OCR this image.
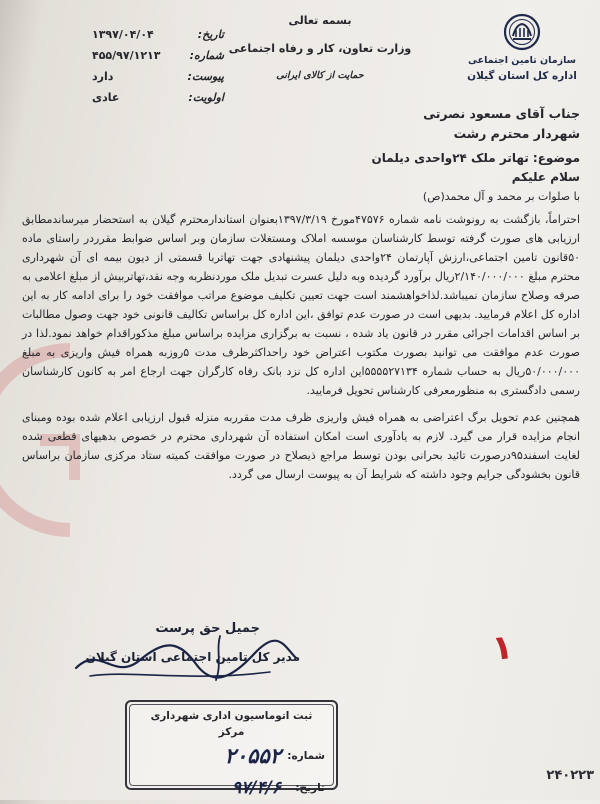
سازمان تامین اجتماعی
اداره کل استان گیلان
بسمه تعالی
وزارت تعاون، کار و رفاه اجتماعی
حمایت از کالای ایرانی
تاریخ:
۱۳۹۷/۰۴/۰۴
شماره:
۴۵۵/۹۷/۱۲۱۳
پیوست:
دارد
اولویت:
عادی
جناب آقای مسعود نصرتی
شهردار محترم رشت
موضوع: تهاتر ملک ۲۴واحدی دیلمان
سلام علیکم
با صلوات بر محمد و آل محمد(ص)

احتراماً، بازگشت به رونوشت نامه شماره ۴۷۵۷۶مورخ ۱۳۹۷/۳/۱۹بعنوان استاندارمحترم گیلان به استحضار میرساندمطابق ارزیابی های صورت گرفته توسط کارشناسان موسسه املاک ومستغلات سازمان وبر اساس ضوابط مقرردر راستای ماده ۵۰قانون تامین اجتماعی،ارزش آپارتمان ۲۴واحدی دیلمان پیشنهادی جهت تهاتربا قسمتی از دیون بیمه ای آن شهرداری محترم مبلغ ۲/۱۴۰/۰۰۰/۰۰۰ریال برآورد گردیده وبه دلیل عسرت تبدیل ملک موردنظربه وجه نقد،تهاتربیش از مبلغ اعلامی به صرفه وصلاح سازمان نمیباشد.لذاخواهشمند است جهت تعیین تکلیف موضوع مراتب موافقت خود را برای ادامه کار به این اداره کل اعلام فرمایید. بدیهی است در صورت عدم توافق ،این اداره کل براساس تکالیف قانونی خود جهت وصول مطالبات بر اساس اقدامات اجرائی مقرر در قانون یاد شده ، نسبت به برگزاری مزایده براساس مبلغ مذکوراقدام خواهد نمود.لذا در صورت عدم موافقت می توانید بصورت مکتوب اعتراض خود راحداکثرظرف مدت ۵روزبه همراه فیش واریزی به مبلغ ۵۰/۰۰۰/۰۰۰ریال به حساب شماره ۵۵۵۵۲۷۱۳۴این اداره کل نزد بانک رفاه کارگران جهت ارجاع امر به کانون کارشناسان رسمی دادگستری به منظورمعرفی کارشناس تحویل فرمایید.

همچنین عدم تحویل برگ اعتراضی به همراه فیش واریزی ظرف مدت مقرربه منزله قبول ارزیابی اعلام شده بوده ومبنای انجام مزایده قرار می گیرد. لازم به یادآوری است امکان استفاده آن شهرداری محترم در خصوص بدهیهای قطعی شده لغایت اسفند۹۵درصورت تائید بحرانی بودن توسط مراجع ذیصلاح در صورت موافقت کمیته ستاد مرکزی سازمان براساس قانون بخشودگی جرایم وجود داشته که شرایط آن به پیوست ارسال می گردد.

جمیل حق پرست
مدیر کل تامین اجتماعی استان گیلان	۱
ثبت اتوماسیون اداری شهرداری مرکز
شماره:
۲۰۵۵۲
تاریخ:
۹۷/۴/۶
۲۴۰۲۲۳
